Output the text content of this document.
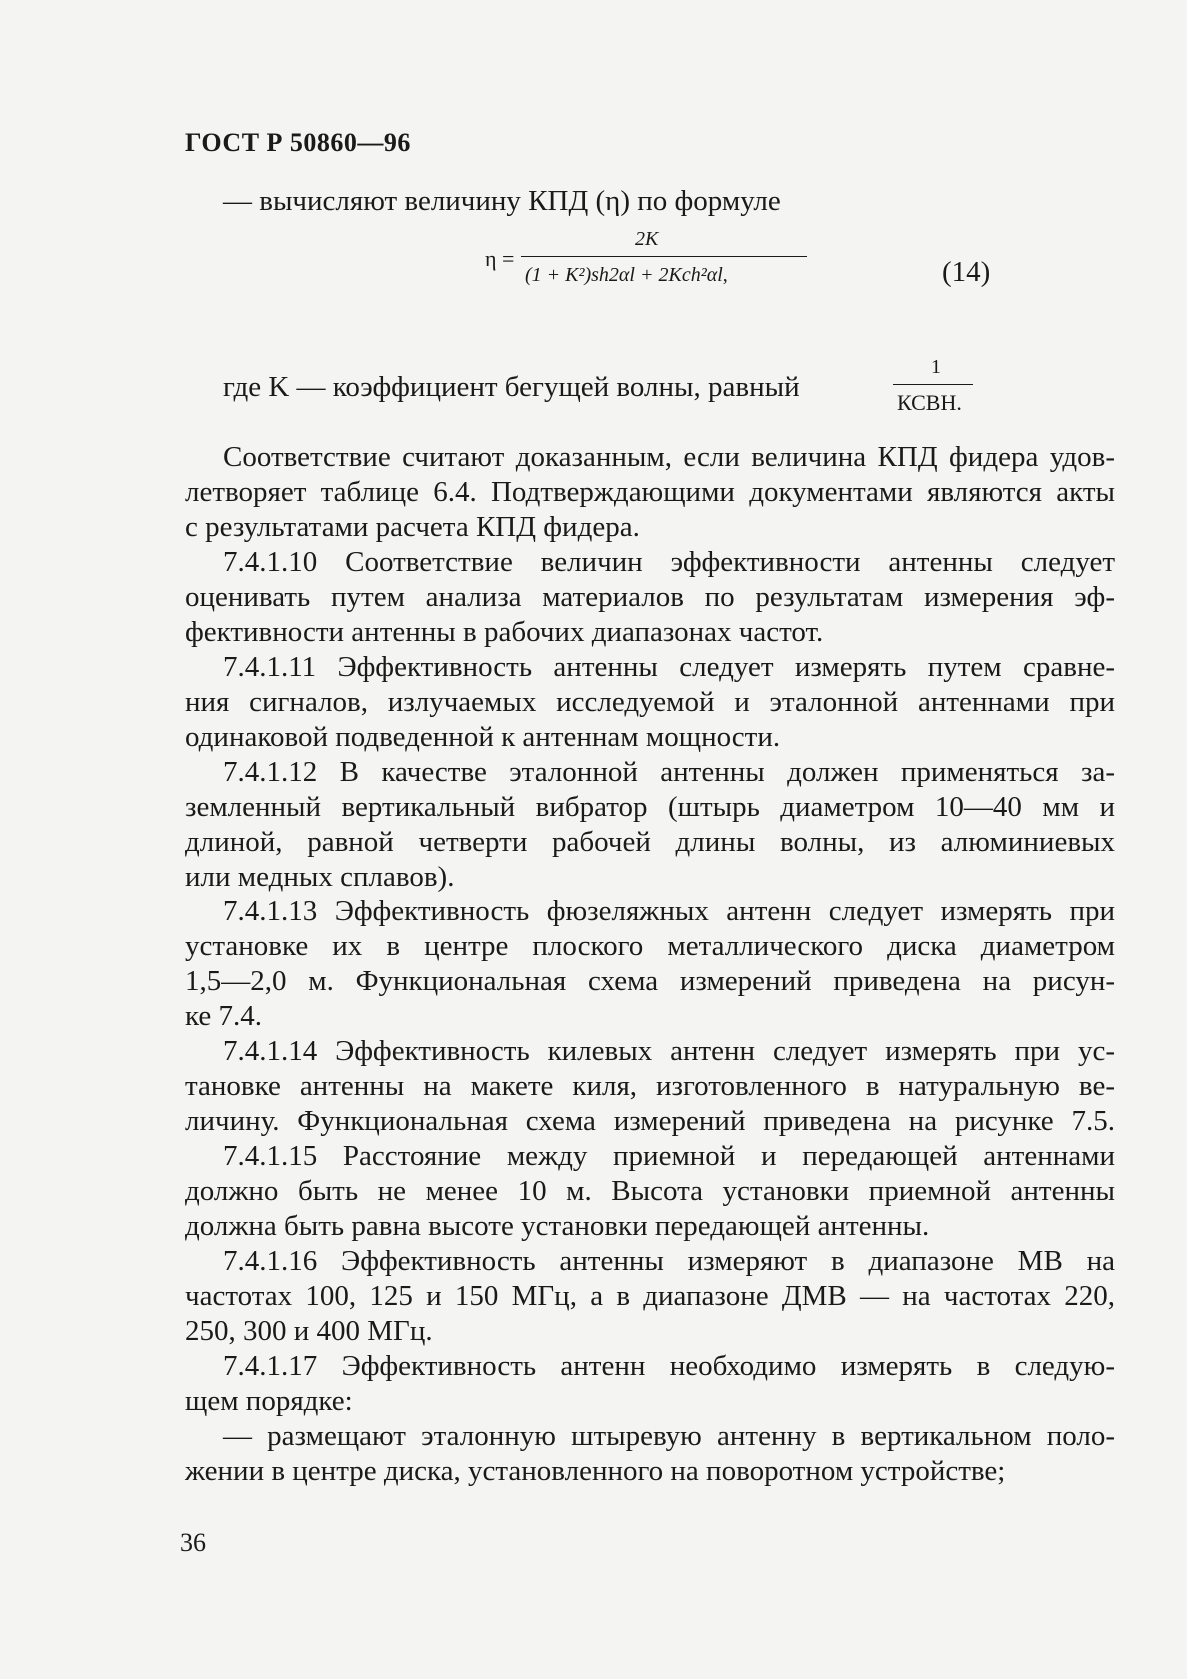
ГОСТ Р 50860—96
— вычисляют величину КПД (η) по формуле
η =
2K
(1 + K²)sh2αl + 2Kch²αl,	(14)
где K — коэффициент бегущей волны, равный
1
КСВН.
Соответствие считают доказанным, если величина КПД фидера удов-
летворяет таблице 6.4. Подтверждающими документами являются акты
с результатами расчета КПД фидера.
7.4.1.10 Соответствие величин эффективности антенны следует
оценивать путем анализа материалов по результатам измерения эф-
фективности антенны в рабочих диапазонах частот.
7.4.1.11 Эффективность антенны следует измерять путем сравне-
ния сигналов, излучаемых исследуемой и эталонной антеннами при
одинаковой подведенной к антеннам мощности.
7.4.1.12 В качестве эталонной антенны должен применяться за-
земленный вертикальный вибратор (штырь диаметром 10—40 мм и
длиной, равной четверти рабочей длины волны, из алюминиевых
или медных сплавов).
7.4.1.13 Эффективность фюзеляжных антенн следует измерять при
установке их в центре плоского металлического диска диаметром
1,5—2,0 м. Функциональная схема измерений приведена на рисун-
ке 7.4.
7.4.1.14 Эффективность килевых антенн следует измерять при ус-
тановке антенны на макете киля, изготовленного в натуральную ве-
личину. Функциональная схема измерений приведена на рисунке 7.5.
7.4.1.15 Расстояние между приемной и передающей антеннами
должно быть не менее 10 м. Высота установки приемной антенны
должна быть равна высоте установки передающей антенны.
7.4.1.16 Эффективность антенны измеряют в диапазоне МВ на
частотах 100, 125 и 150 МГц, а в диапазоне ДМВ — на частотах 220,
250, 300 и 400 МГц.
7.4.1.17 Эффективность антенн необходимо измерять в следую-
щем порядке:
— размещают эталонную штыревую антенну в вертикальном поло-
жении в центре диска, установленного на поворотном устройстве;
36
